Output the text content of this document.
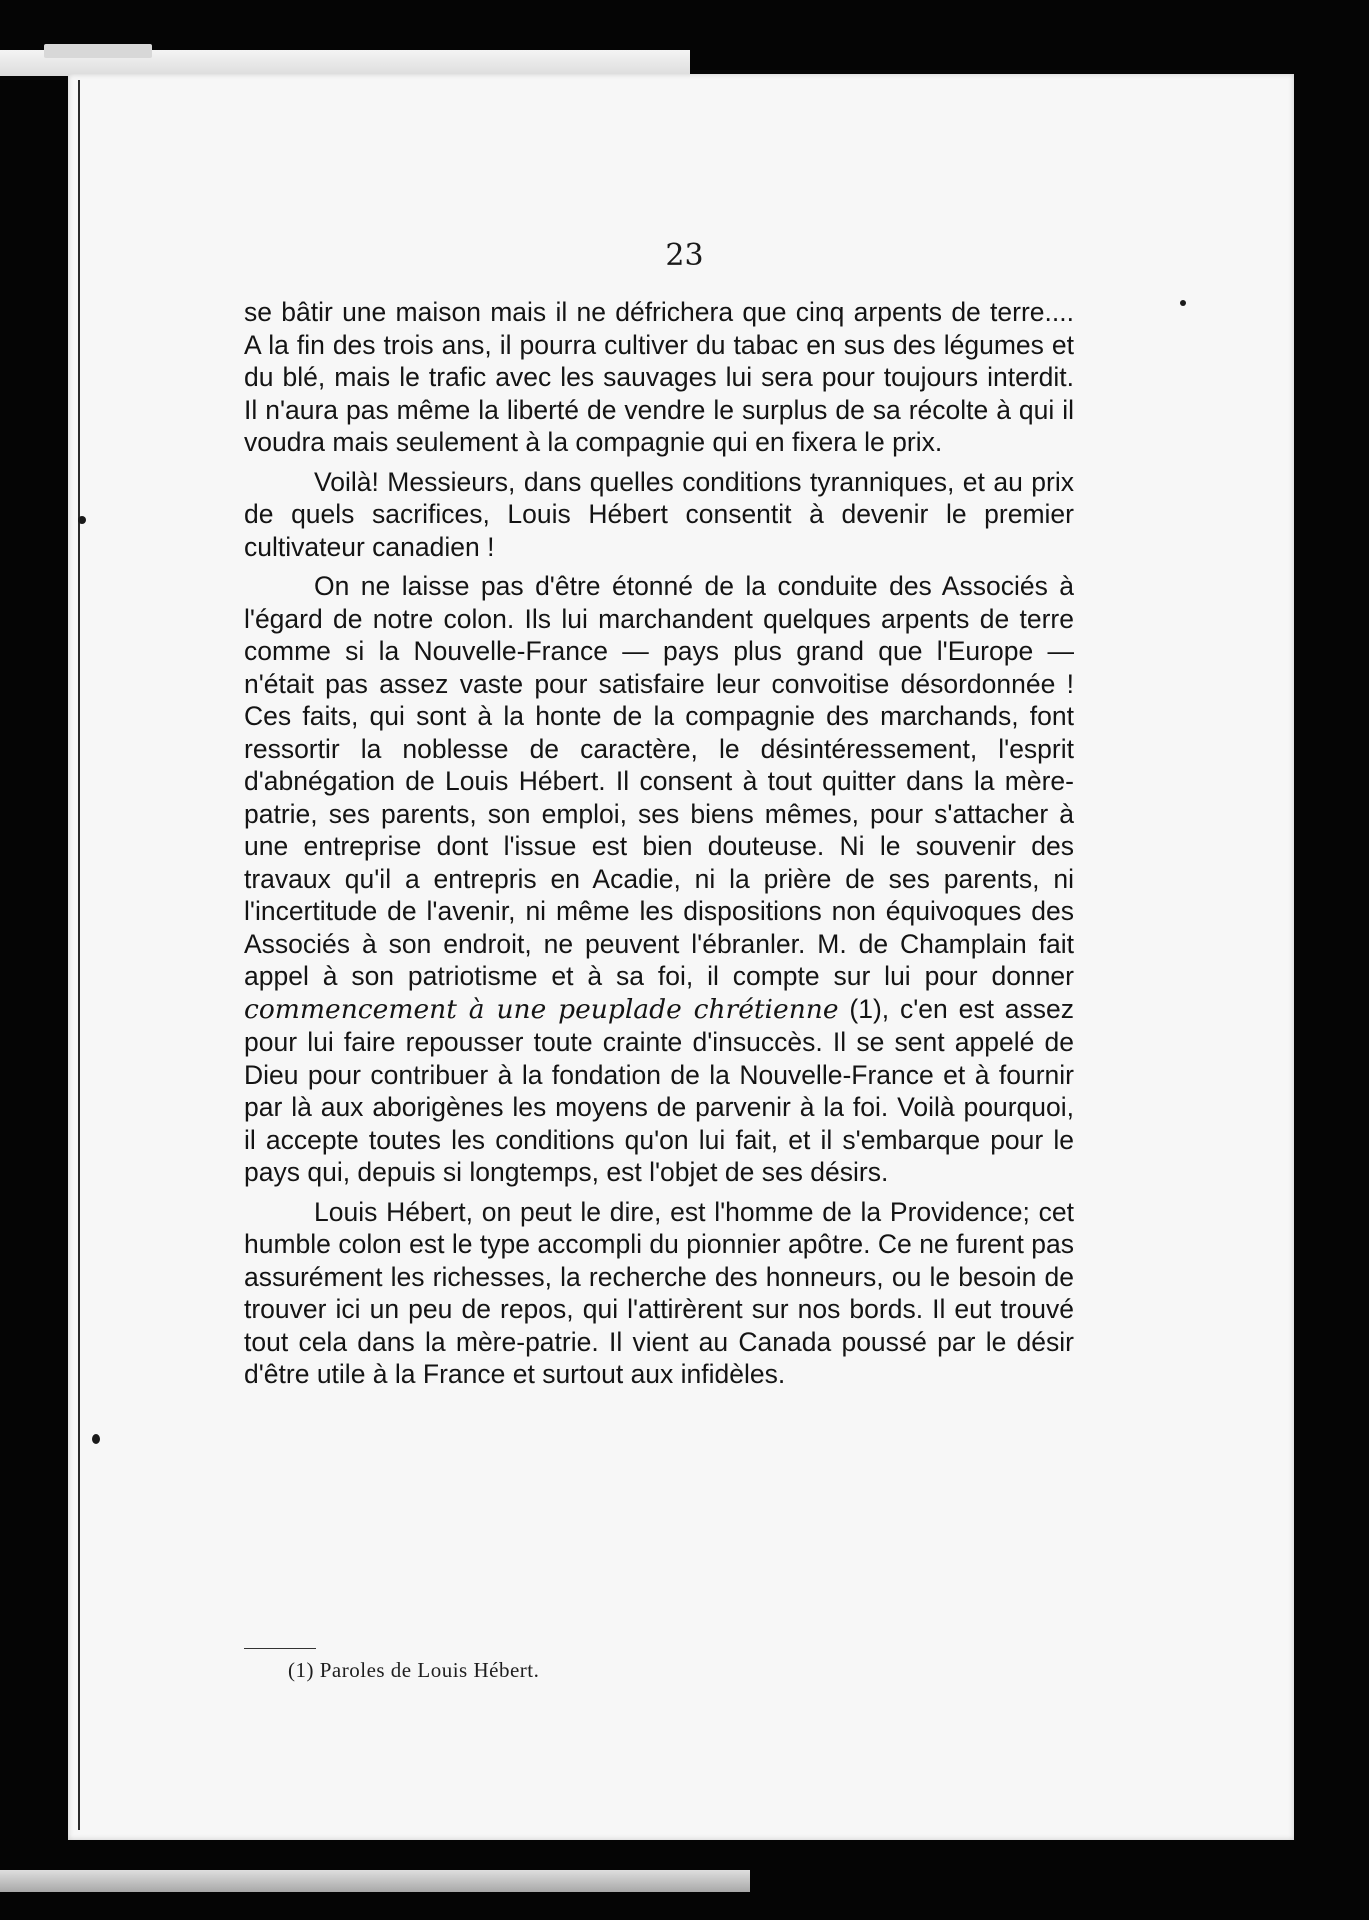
23

se bâtir une maison mais il ne défrichera que cinq arpents de terre.... A la fin des trois ans, il pourra cultiver du tabac en sus des légumes et du blé, mais le trafic avec les sauvages lui sera pour toujours interdit. Il n'aura pas même la liberté de vendre le surplus de sa récolte à qui il voudra mais seulement à la compagnie qui en fixera le prix.

Voilà! Messieurs, dans quelles conditions tyranniques, et au prix de quels sacrifices, Louis Hébert consentit à devenir le premier cultivateur canadien !

On ne laisse pas d'être étonné de la conduite des Associés à l'égard de notre colon. Ils lui marchandent quelques arpents de terre comme si la Nouvelle-France — pays plus grand que l'Europe — n'était pas assez vaste pour satisfaire leur convoitise désordonnée ! Ces faits, qui sont à la honte de la compagnie des marchands, font ressortir la noblesse de caractère, le désintéressement, l'esprit d'abnégation de Louis Hébert. Il consent à tout quitter dans la mère-patrie, ses parents, son emploi, ses biens mêmes, pour s'attacher à une entreprise dont l'issue est bien douteuse. Ni le souvenir des travaux qu'il a entrepris en Acadie, ni la prière de ses parents, ni l'incertitude de l'avenir, ni même les dispositions non équivoques des Associés à son endroit, ne peuvent l'ébranler. M. de Champlain fait appel à son patriotisme et à sa foi, il compte sur lui pour donner commencement à une peuplade chrétienne (1), c'en est assez pour lui faire repousser toute crainte d'insuccès. Il se sent appelé de Dieu pour contribuer à la fondation de la Nouvelle-France et à fournir par là aux aborigènes les moyens de parvenir à la foi. Voilà pourquoi, il accepte toutes les conditions qu'on lui fait, et il s'embarque pour le pays qui, depuis si longtemps, est l'objet de ses désirs.

Louis Hébert, on peut le dire, est l'homme de la Providence; cet humble colon est le type accompli du pionnier apôtre. Ce ne furent pas assurément les richesses, la recherche des honneurs, ou le besoin de trouver ici un peu de repos, qui l'attirèrent sur nos bords. Il eut trouvé tout cela dans la mère-patrie. Il vient au Canada poussé par le désir d'être utile à la France et surtout aux infidèles.

(1) Paroles de Louis Hébert.
